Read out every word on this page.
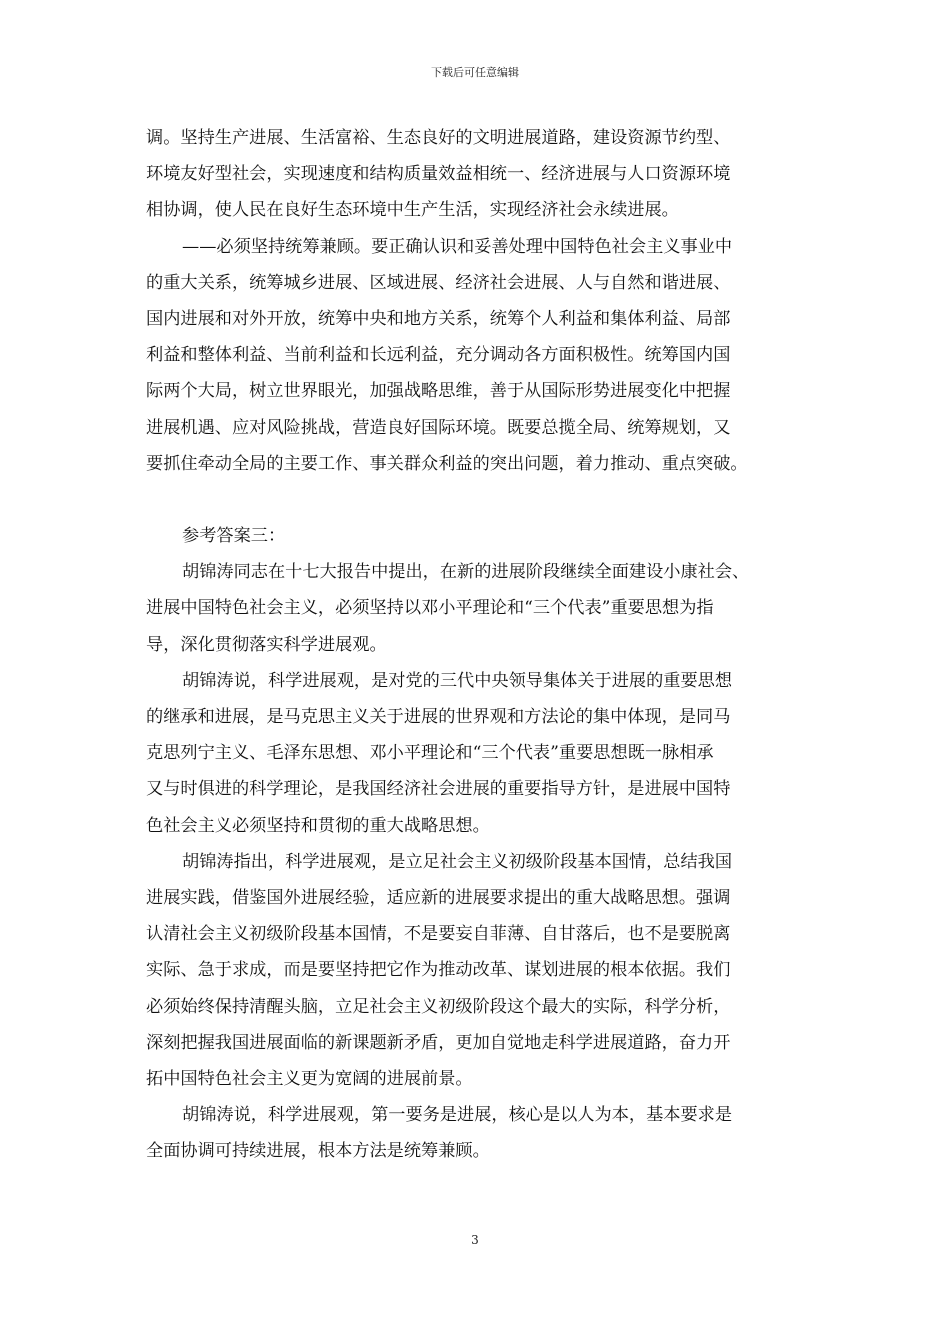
下载后可任意编辑
调。坚持生产进展、生活富裕、生态良好的文明进展道路，建设资源节约型、
环境友好型社会，实现速度和结构质量效益相统一、经济进展与人口资源环境
相协调，使人民在良好生态环境中生产生活，实现经济社会永续进展。
——必须坚持统筹兼顾。要正确认识和妥善处理中国特色社会主义事业中
的重大关系，统筹城乡进展、区域进展、经济社会进展、人与自然和谐进展、
国内进展和对外开放，统筹中央和地方关系，统筹个人利益和集体利益、局部
利益和整体利益、当前利益和长远利益，充分调动各方面积极性。统筹国内国
际两个大局，树立世界眼光，加强战略思维，善于从国际形势进展变化中把握
进展机遇、应对风险挑战，营造良好国际环境。既要总揽全局、统筹规划，又
要抓住牵动全局的主要工作、事关群众利益的突出问题，着力推动、重点突破。
参考答案三：
胡锦涛同志在十七大报告中提出，在新的进展阶段继续全面建设小康社会、
进展中国特色社会主义，必须坚持以邓小平理论和“三个代表”重要思想为指
导，深化贯彻落实科学进展观。
胡锦涛说，科学进展观，是对党的三代中央领导集体关于进展的重要思想
的继承和进展，是马克思主义关于进展的世界观和方法论的集中体现，是同马
克思列宁主义、毛泽东思想、邓小平理论和“三个代表”重要思想既一脉相承
又与时俱进的科学理论，是我国经济社会进展的重要指导方针，是进展中国特
色社会主义必须坚持和贯彻的重大战略思想。
胡锦涛指出，科学进展观，是立足社会主义初级阶段基本国情，总结我国
进展实践，借鉴国外进展经验，适应新的进展要求提出的重大战略思想。强调
认清社会主义初级阶段基本国情，不是要妄自菲薄、自甘落后，也不是要脱离
实际、急于求成，而是要坚持把它作为推动改革、谋划进展的根本依据。我们
必须始终保持清醒头脑，立足社会主义初级阶段这个最大的实际，科学分析，
深刻把握我国进展面临的新课题新矛盾，更加自觉地走科学进展道路，奋力开
拓中国特色社会主义更为宽阔的进展前景。
胡锦涛说，科学进展观，第一要务是进展，核心是以人为本，基本要求是
全面协调可持续进展，根本方法是统筹兼顾。
3
